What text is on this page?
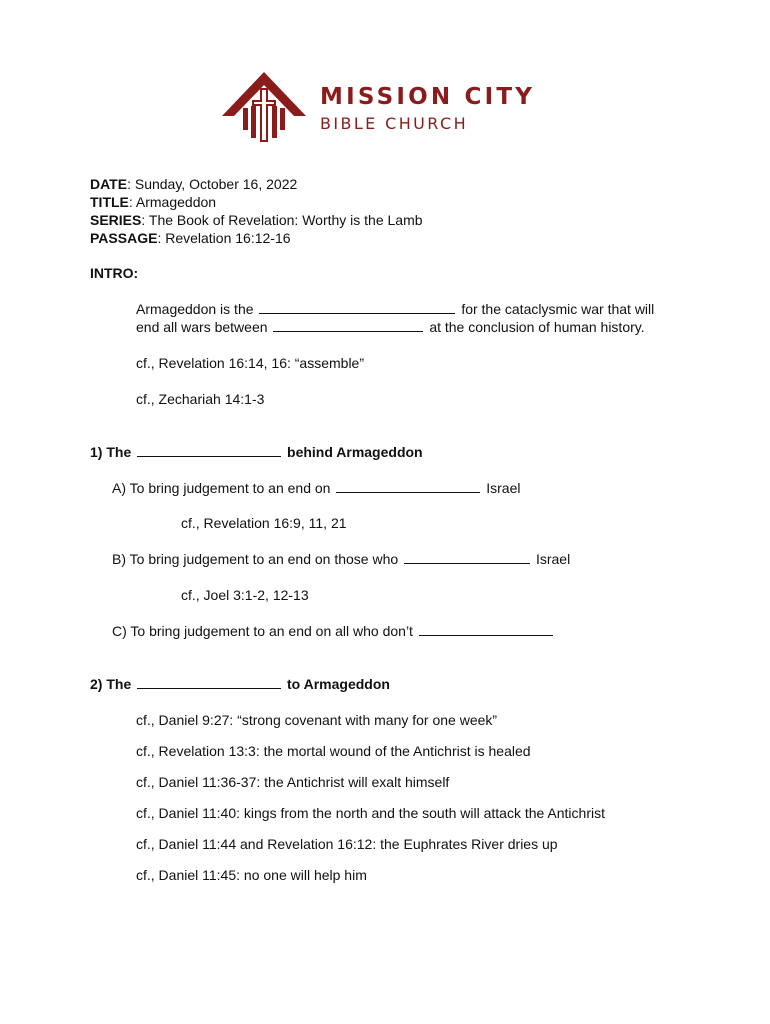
MISSION CITY
BIBLE CHURCH
DATE: Sunday, October 16, 2022
TITLE: Armageddon
SERIES: The Book of Revelation: Worthy is the Lamb
PASSAGE: Revelation 16:12-16
INTRO:
Armageddon is the	for the cataclysmic war that will
end all wars between	at the conclusion of human history.
cf., Revelation 16:14, 16: “assemble”
cf., Zechariah 14:1-3
1) The	behind Armageddon
A) To bring judgement to an end on	Israel
cf., Revelation 16:9, 11, 21
B) To bring judgement to an end on those who	Israel
cf., Joel 3:1-2, 12-13
C) To bring judgement to an end on all who don’t
2) The	to Armageddon
cf., Daniel 9:27: “strong covenant with many for one week”
cf., Revelation 13:3: the mortal wound of the Antichrist is healed
cf., Daniel 11:36-37: the Antichrist will exalt himself
cf., Daniel 11:40: kings from the north and the south will attack the Antichrist
cf., Daniel 11:44 and Revelation 16:12: the Euphrates River dries up
cf., Daniel 11:45: no one will help him
